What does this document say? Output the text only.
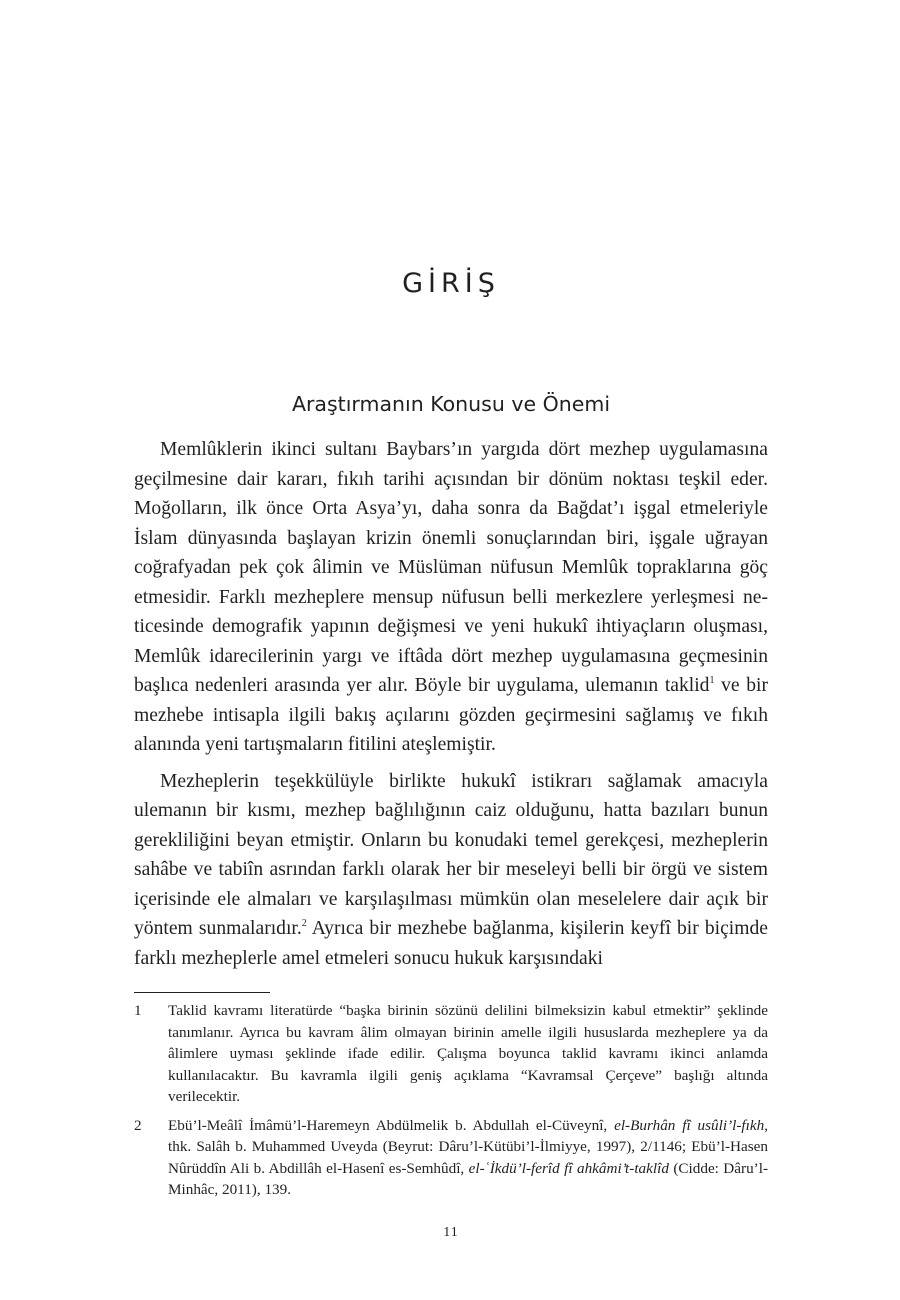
GİRİŞ
Araştırmanın Konusu ve Önemi

Memlûklerin ikinci sultanı Baybars’ın yargıda dört mezhep uygulamasına geçilmesine dair kararı, fıkıh tarihi açısından bir dönüm noktası teşkil eder. Moğolların, ilk önce Orta Asya’yı, daha sonra da Bağdat’ı işgal etmeleriyle İslam dünyasında başlayan krizin önemli sonuçlarından biri, işgale uğrayan coğrafyadan pek çok âlimin ve Müslüman nüfusun Memlûk topraklarına göç etmesidir. Farklı mezheplere mensup nüfusun belli merkezlere yerleşmesi neticesinde demografik yapının değişmesi ve yeni hukukî ihtiyaçların oluşması, Memlûk idarecilerinin yargı ve iftâda dört mezhep uygulamasına geçmesinin başlıca nedenleri arasında yer alır. Böyle bir uygulama, ulemanın taklid$^1$ ve bir mezhebe intisapla ilgili bakış açılarını gözden geçirmesini sağlamış ve fıkıh alanında yeni tartışmaların fitilini ateşlemiştir.

Mezheplerin teşekkülüyle birlikte hukukî istikrarı sağlamak amacıyla ulemanın bir kısmı, mezhep bağlılığının caiz olduğunu, hatta bazıları bunun gerekliliğini beyan etmiştir. Onların bu konudaki temel gerekçesi, mezheplerin sahâbe ve tabiîn asrından farklı olarak her bir meseleyi belli bir örgü ve sistem içerisinde ele almaları ve karşılaşılması mümkün olan meselelere dair açık bir yöntem sunmalarıdır.$^2$ Ayrıca bir mezhebe bağlanma, kişilerin keyfî bir biçimde farklı mezheplerle amel etmeleri sonucu hukuk karşısındaki

1	Taklid kavramı literatürde “başka birinin sözünü delilini bilmeksizin kabul etmektir” şeklinde tanımlanır. Ayrıca bu kavram âlim olmayan birinin amelle ilgili hususlarda mezheplere ya da âlimlere uyması şeklinde ifade edilir. Çalışma boyunca taklid kavramı ikinci anlamda kullanılacaktır. Bu kavramla ilgili geniş açıklama “Kavramsal Çerçeve” başlığı altında verilecektir.
2	Ebü’l-Meâlî İmâmü’l-Haremeyn Abdülmelik b. Abdullah el-Cüveynî, el-Burhân fî usûli’l-fıkh, thk. Salâh b. Muhammed Uveyda (Beyrut: Dâru’l-Kütübi’l-İlmiyye, 1997), 2/1146; Ebü’l-Hasen Nûrüddîn Ali b. Abdillâh el-Hasenî es-Semhûdî, el-ʿİkdü’l-ferîd fî ahkâmi’t-taklîd (Cidde: Dâru’l-Minhâc, 2011), 139.
11
